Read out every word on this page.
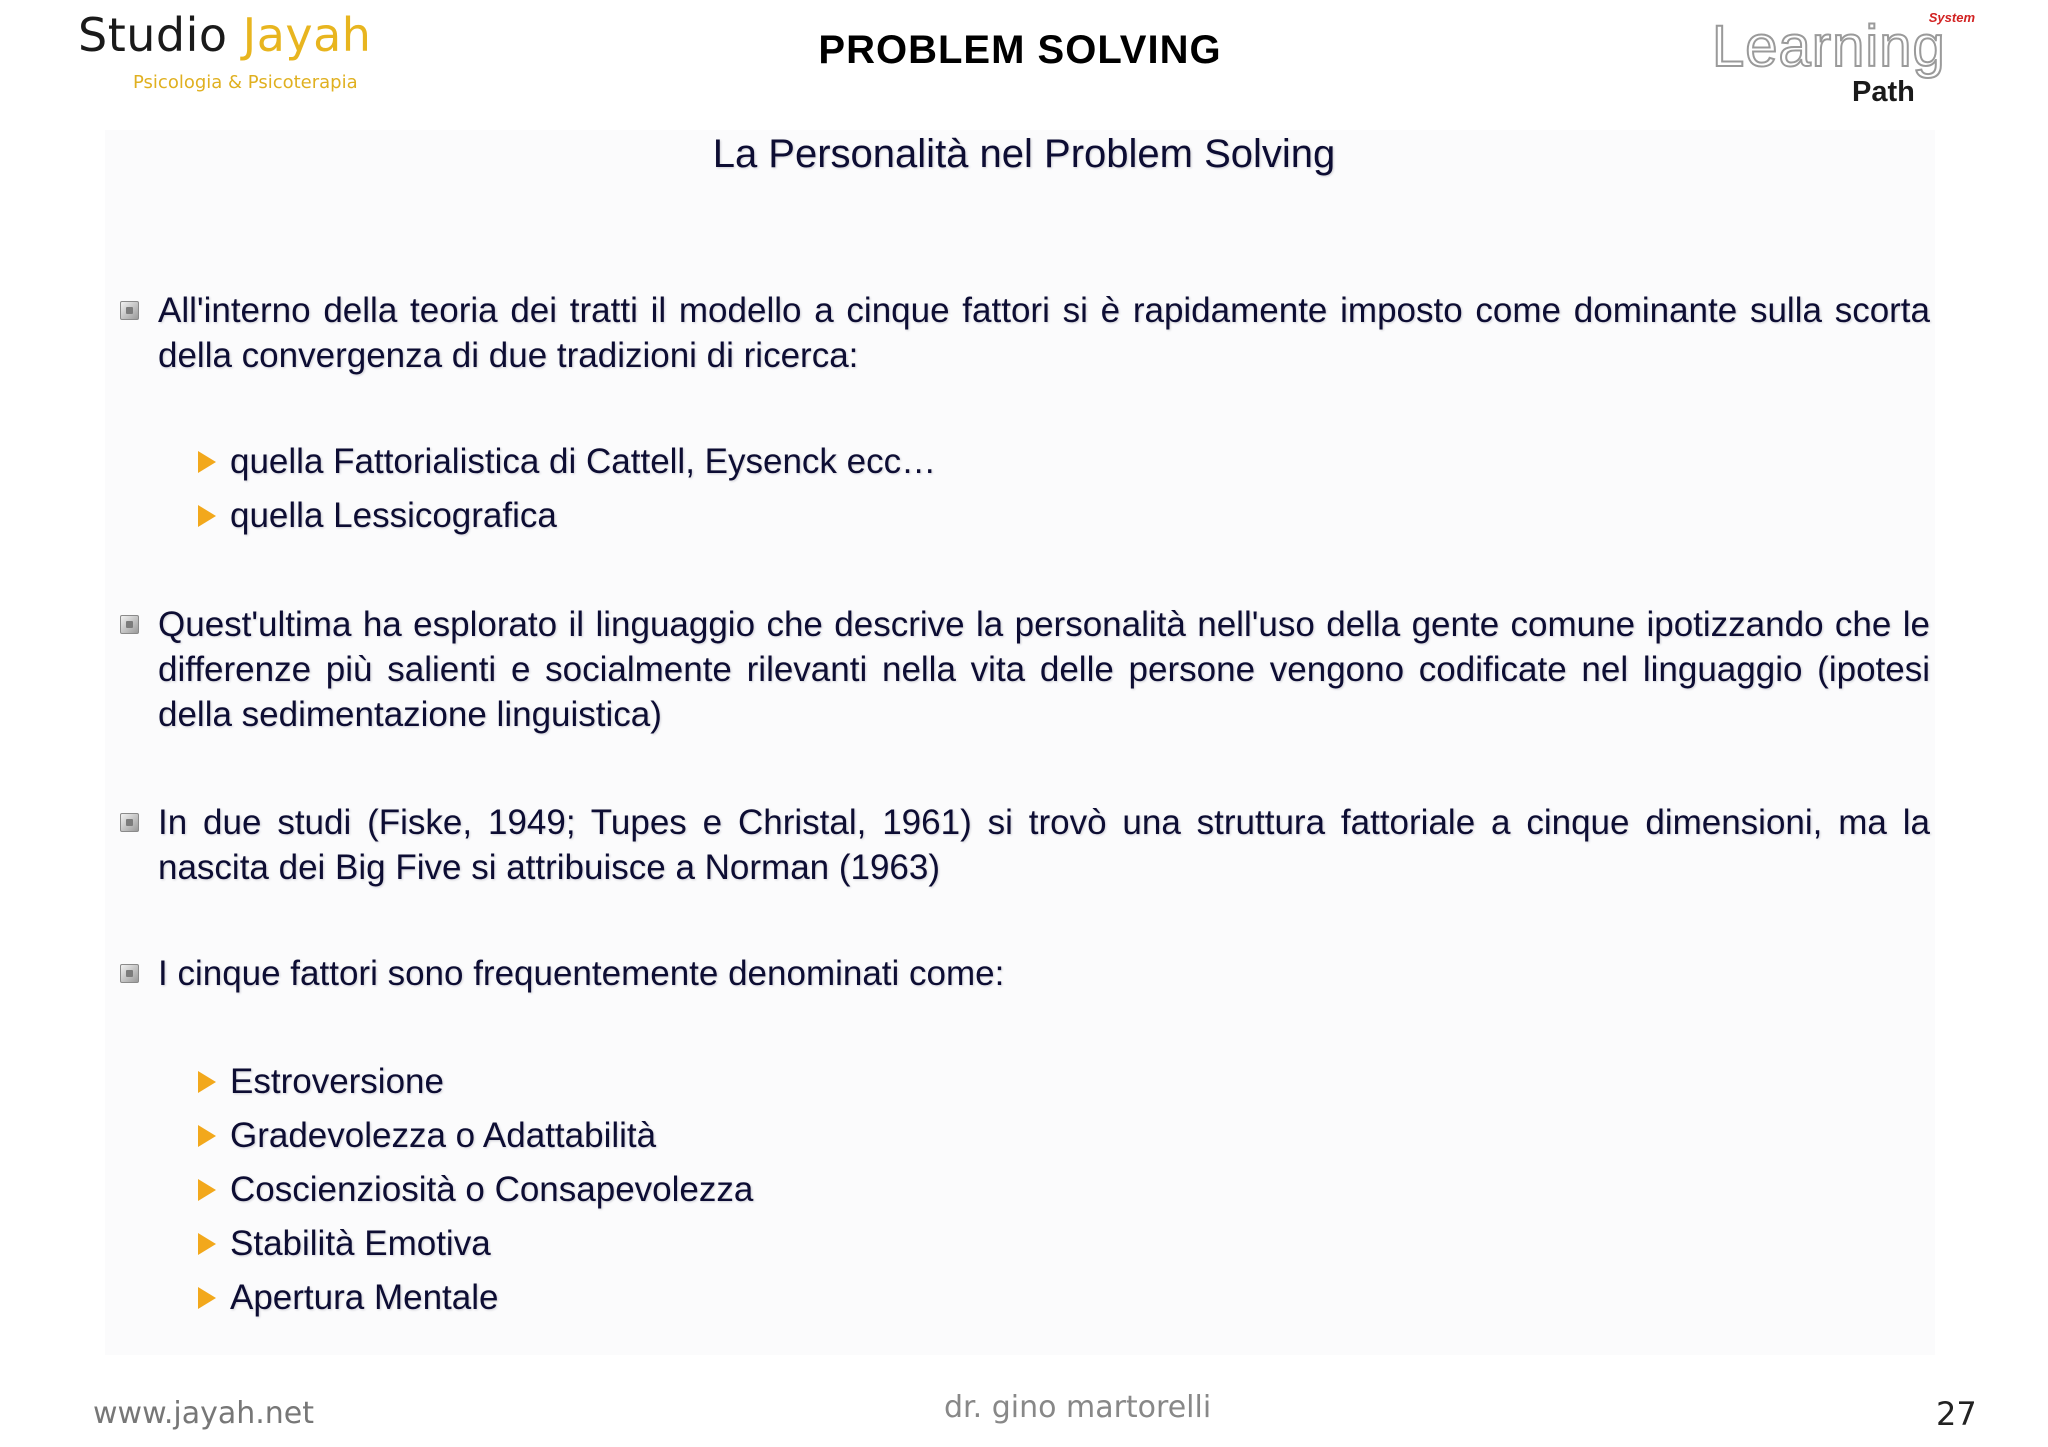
Studio Jayah
Psicologia & Psicoterapia
PROBLEM SOLVING
System
Learning
Path
La Personalità nel Problem Solving
All'interno della teoria dei tratti il modello a cinque fattori si è rapidamente imposto come dominante sulla scorta della convergenza di due tradizioni di ricerca:
quella Fattorialistica di Cattell, Eysenck ecc…
quella Lessicografica
Quest'ultima ha esplorato il linguaggio che descrive la personalità nell'uso della gente comune ipotizzando che le differenze più salienti e socialmente rilevanti nella vita delle persone vengono codificate nel linguaggio (ipotesi della sedimentazione linguistica)
In due studi (Fiske, 1949; Tupes e Christal, 1961) si trovò una struttura fattoriale a cinque dimensioni, ma la nascita dei Big Five si attribuisce a Norman (1963)
I cinque fattori sono frequentemente denominati come:
Estroversione
Gradevolezza o Adattabilità
Coscienziosità o Consapevolezza
Stabilità Emotiva
Apertura Mentale
www.jayah.net	dr. gino martorelli	27
